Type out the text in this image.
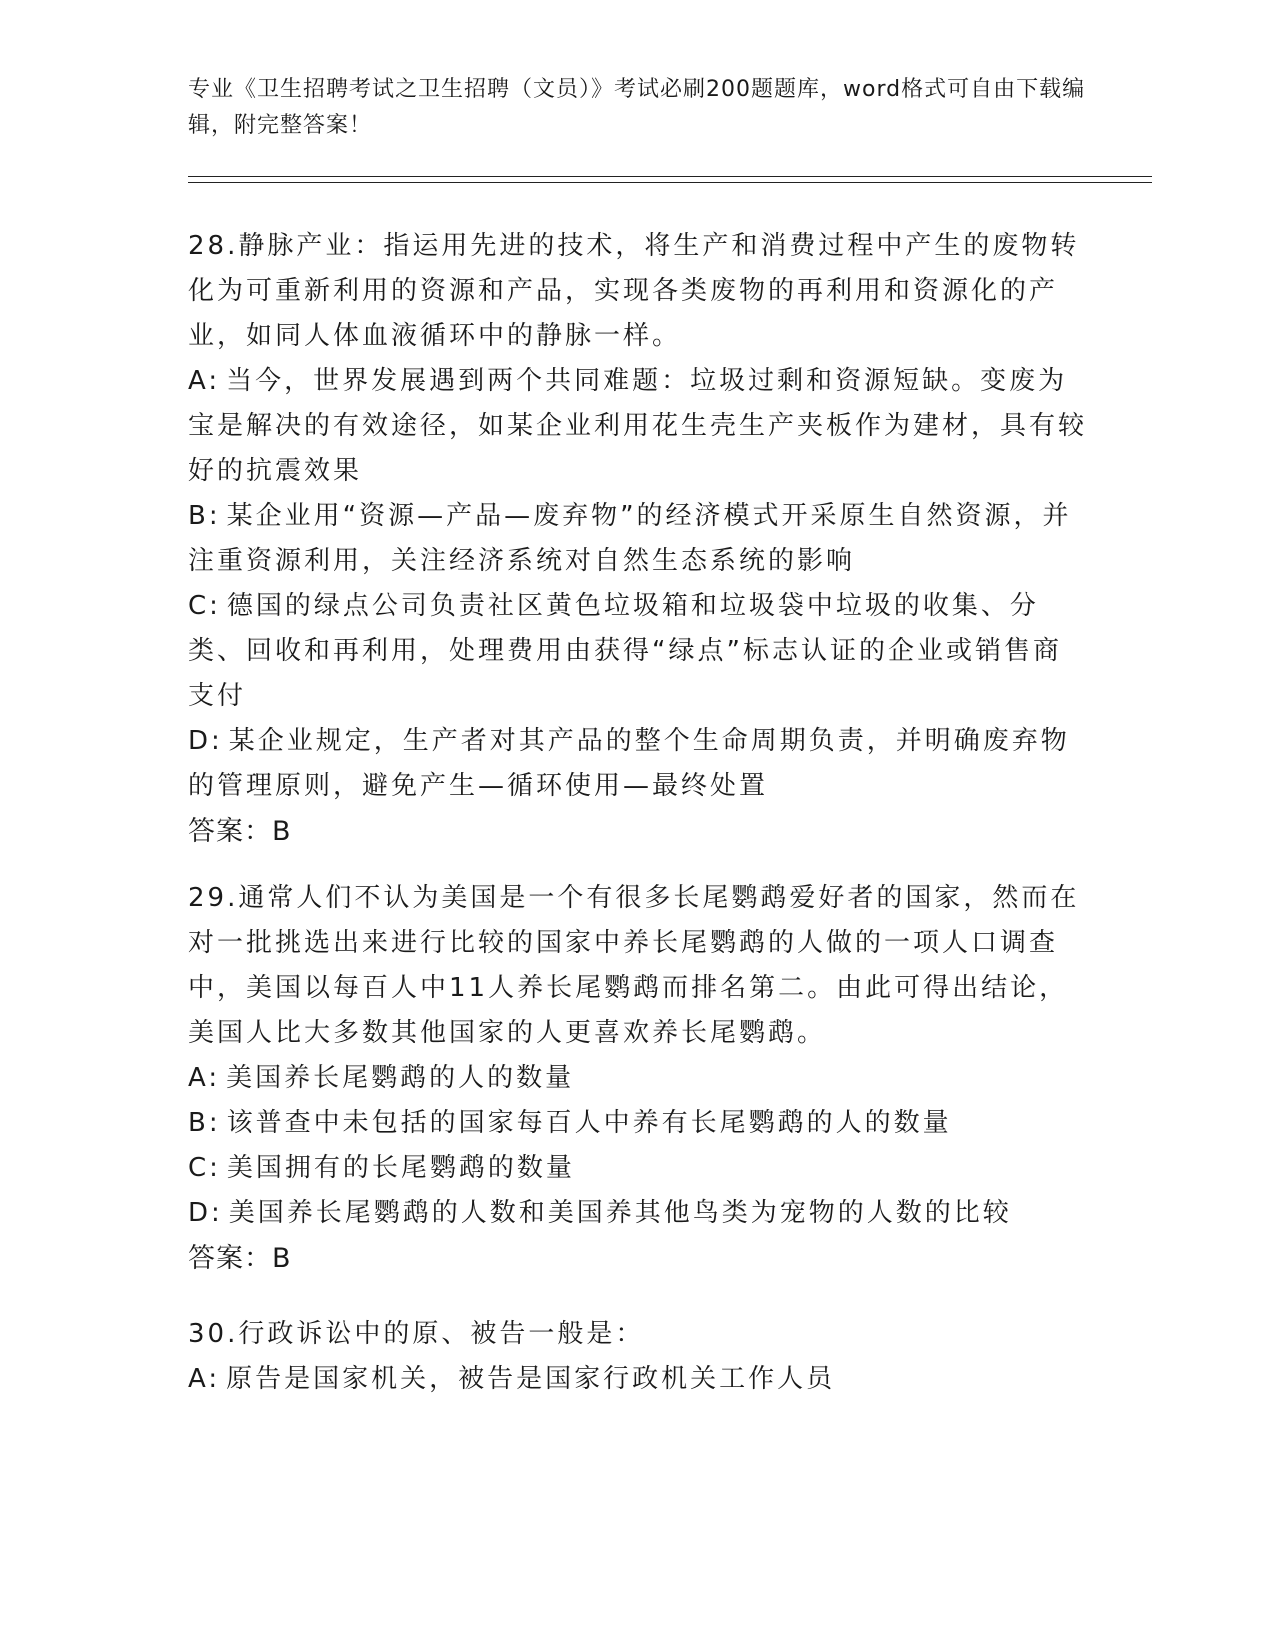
专业《卫生招聘考试之卫生招聘（文员）》考试必刷200题题库，word格式可自由下载编辑，附完整答案！

28.静脉产业：指运用先进的技术，将生产和消费过程中产生的废物转化为可重新利用的资源和产品，实现各类废物的再利用和资源化的产业，如同人体血液循环中的静脉一样。

A: 当今，世界发展遇到两个共同难题：垃圾过剩和资源短缺。变废为宝是解决的有效途径，如某企业利用花生壳生产夹板作为建材，具有较好的抗震效果

B: 某企业用“资源—产品—废弃物”的经济模式开采原生自然资源，并注重资源利用，关注经济系统对自然生态系统的影响

C: 德国的绿点公司负责社区黄色垃圾箱和垃圾袋中垃圾的收集、分类、回收和再利用，处理费用由获得“绿点”标志认证的企业或销售商支付

D: 某企业规定，生产者对其产品的整个生命周期负责，并明确废弃物的管理原则，避免产生—循环使用—最终处置

答案：B

29.通常人们不认为美国是一个有很多长尾鹦鹉爱好者的国家，然而在对一批挑选出来进行比较的国家中养长尾鹦鹉的人做的一项人口调查中，美国以每百人中11人养长尾鹦鹉而排名第二。由此可得出结论，美国人比大多数其他国家的人更喜欢养长尾鹦鹉。

A: 美国养长尾鹦鹉的人的数量

B: 该普查中未包括的国家每百人中养有长尾鹦鹉的人的数量

C: 美国拥有的长尾鹦鹉的数量

D: 美国养长尾鹦鹉的人数和美国养其他鸟类为宠物的人数的比较

答案：B

30.行政诉讼中的原、被告一般是：

A: 原告是国家机关，被告是国家行政机关工作人员
